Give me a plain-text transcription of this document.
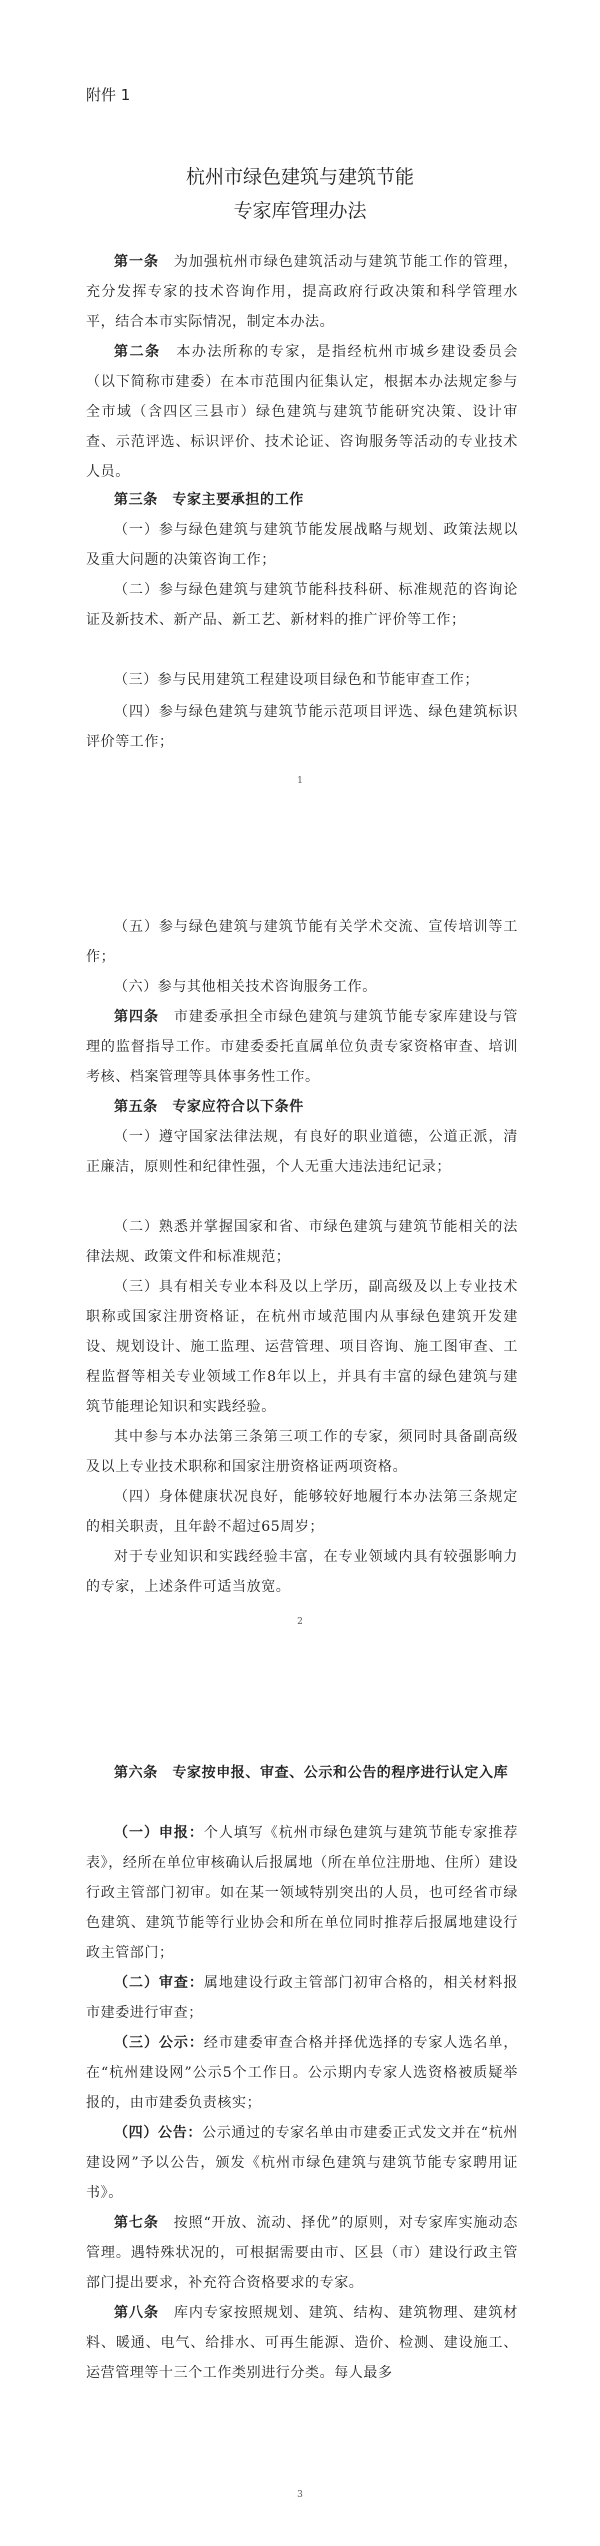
附件 1

杭州市绿色建筑与建筑节能

专家库管理办法

第一条　 为加强杭州市绿色建筑活动与建筑节能工作的管理，充分发挥专家的技术咨询作用，提高政府行政决策和科学管理水平，结合本市实际情况，制定本办法。

第二条　 本办法所称的专家，是指经杭州市城乡建设委员会（以下简称市建委）在本市范围内征集认定，根据本办法规定参与全市域（含四区三县市）绿色建筑与建筑节能研究决策、设计审查、示范评选、标识评价、技术论证、咨询服务等活动的专业技术人员。

第三条　专家主要承担的工作

（一）参与绿色建筑与建筑节能发展战略与规划、政策法规以及重大问题的决策咨询工作；

（二）参与绿色建筑与建筑节能科技科研、标准规范的咨询论证及新技术、新产品、新工艺、新材料的推广评价等工作；

（三）参与民用建筑工程建设项目绿色和节能审查工作；

（四）参与绿色建筑与建筑节能示范项目评选、绿色建筑标识评价等工作；

1

（五）参与绿色建筑与建筑节能有关学术交流、宣传培训等工作；

（六）参与其他相关技术咨询服务工作。

第四条　 市建委承担全市绿色建筑与建筑节能专家库建设与管理的监督指导工作。市建委委托直属单位负责专家资格审查、培训考核、档案管理等具体事务性工作。

第五条　专家应符合以下条件

（一）遵守国家法律法规，有良好的职业道德，公道正派，清正廉洁，原则性和纪律性强，个人无重大违法违纪记录；

（二）熟悉并掌握国家和省、市绿色建筑与建筑节能相关的法律法规、政策文件和标准规范；

（三）具有相关专业本科及以上学历，副高级及以上专业技术职称或国家注册资格证，在杭州市域范围内从事绿色建筑开发建设、规划设计、施工监理、运营管理、项目咨询、施工图审查、工程监督等相关专业领域工作8年以上，并具有丰富的绿色建筑与建筑节能理论知识和实践经验。

其中参与本办法第三条第三项工作的专家，须同时具备副高级及以上专业技术职称和国家注册资格证两项资格。

（四）身体健康状况良好，能够较好地履行本办法第三条规定的相关职责，且年龄不超过65周岁；

对于专业知识和实践经验丰富，在专业领域内具有较强影响力的专家，上述条件可适当放宽。

2

第六条　专家按申报、审查、公示和公告的程序进行认定入库

（一）申报：个人填写《杭州市绿色建筑与建筑节能专家推荐表》，经所在单位审核确认后报属地（所在单位注册地、住所）建设行政主管部门初审。如在某一领域特别突出的人员，也可经省市绿色建筑、建筑节能等行业协会和所在单位同时推荐后报属地建设行政主管部门；

（二）审查：属地建设行政主管部门初审合格的，相关材料报市建委进行审查；

（三）公示：经市建委审查合格并择优选择的专家人选名单，在“杭州建设网”公示5个工作日。公示期内专家人选资格被质疑举报的，由市建委负责核实；

（四）公告：公示通过的专家名单由市建委正式发文并在“杭州建设网”予以公告，颁发《杭州市绿色建筑与建筑节能专家聘用证书》。

第七条　 按照“开放、流动、择优”的原则，对专家库实施动态管理。遇特殊状况的，可根据需要由市、区县（市）建设行政主管部门提出要求，补充符合资格要求的专家。

第八条　 库内专家按照规划、建筑、结构、建筑物理、建筑材料、暖通、电气、给排水、可再生能源、造价、检测、建设施工、运营管理等十三个工作类别进行分类。每人最多

3
